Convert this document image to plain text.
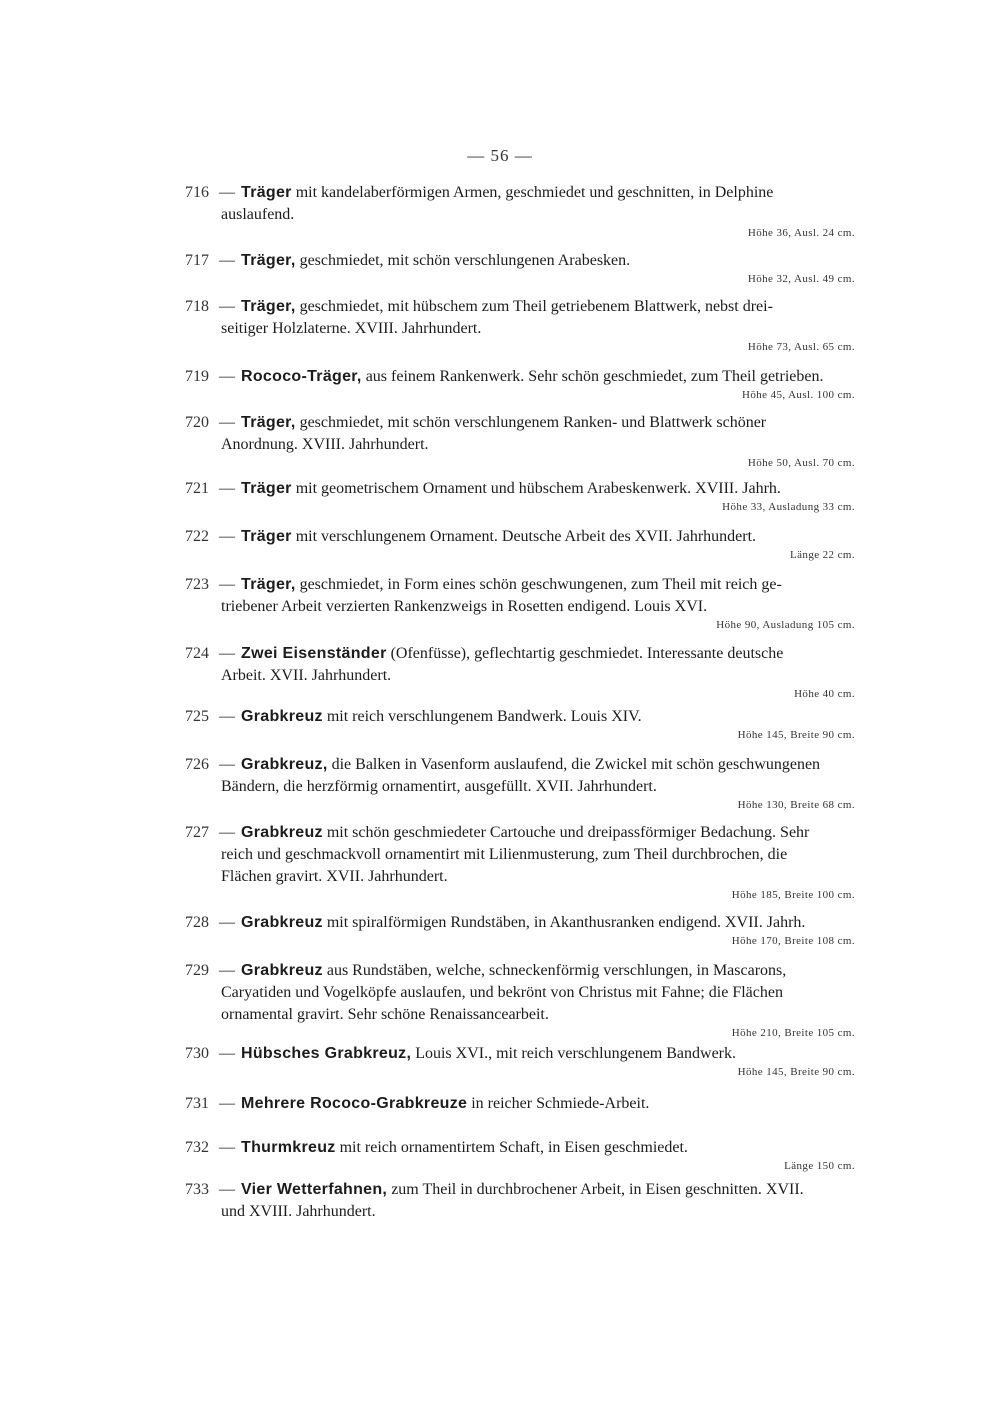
— 56 —
716 — Träger mit kandelaberförmigen Armen, geschmiedet und geschnitten, in Delphine
auslaufend.
Höhe 36, Ausl. 24 cm.
717 — Träger, geschmiedet, mit schön verschlungenen Arabesken.
Höhe 32, Ausl. 49 cm.
718 — Träger, geschmiedet, mit hübschem zum Theil getriebenem Blattwerk, nebst drei-
seitiger Holzlaterne. XVIII. Jahrhundert.
Höhe 73, Ausl. 65 cm.
719 — Rococo-Träger, aus feinem Rankenwerk. Sehr schön geschmiedet, zum Theil getrieben.
Höhe 45, Ausl. 100 cm.
720 — Träger, geschmiedet, mit schön verschlungenem Ranken- und Blattwerk schöner
Anordnung. XVIII. Jahrhundert.
Höhe 50, Ausl. 70 cm.
721 — Träger mit geometrischem Ornament und hübschem Arabeskenwerk. XVIII. Jahrh.
Höhe 33, Ausladung 33 cm.
722 — Träger mit verschlungenem Ornament. Deutsche Arbeit des XVII. Jahrhundert.
Länge 22 cm.
723 — Träger, geschmiedet, in Form eines schön geschwungenen, zum Theil mit reich ge-
triebener Arbeit verzierten Rankenzweigs in Rosetten endigend. Louis XVI.
Höhe 90, Ausladung 105 cm.
724 — Zwei Eisenständer (Ofenfüsse), geflechtartig geschmiedet. Interessante deutsche
Arbeit. XVII. Jahrhundert.
Höhe 40 cm.
725 — Grabkreuz mit reich verschlungenem Bandwerk. Louis XIV.
Höhe 145, Breite 90 cm.
726 — Grabkreuz, die Balken in Vasenform auslaufend, die Zwickel mit schön geschwungenen
Bändern, die herzförmig ornamentirt, ausgefüllt. XVII. Jahrhundert.
Höhe 130, Breite 68 cm.
727 — Grabkreuz mit schön geschmiedeter Cartouche und dreipassförmiger Bedachung. Sehr
reich und geschmackvoll ornamentirt mit Lilienmusterung, zum Theil durchbrochen, die
Flächen gravirt. XVII. Jahrhundert.
Höhe 185, Breite 100 cm.
728 — Grabkreuz mit spiralförmigen Rundstäben, in Akanthusranken endigend. XVII. Jahrh.
Höhe 170, Breite 108 cm.
729 — Grabkreuz aus Rundstäben, welche, schneckenförmig verschlungen, in Mascarons,
Caryatiden und Vogelköpfe auslaufen, und bekrönt von Christus mit Fahne; die Flächen
ornamental gravirt. Sehr schöne Renaissancearbeit.
Höhe 210, Breite 105 cm.
730 — Hübsches Grabkreuz, Louis XVI., mit reich verschlungenem Bandwerk.
Höhe 145, Breite 90 cm.
731 — Mehrere Rococo-Grabkreuze in reicher Schmiede-Arbeit.
732 — Thurmkreuz mit reich ornamentirtem Schaft, in Eisen geschmiedet.
Länge 150 cm.
733 — Vier Wetterfahnen, zum Theil in durchbrochener Arbeit, in Eisen geschnitten. XVII.
und XVIII. Jahrhundert.
